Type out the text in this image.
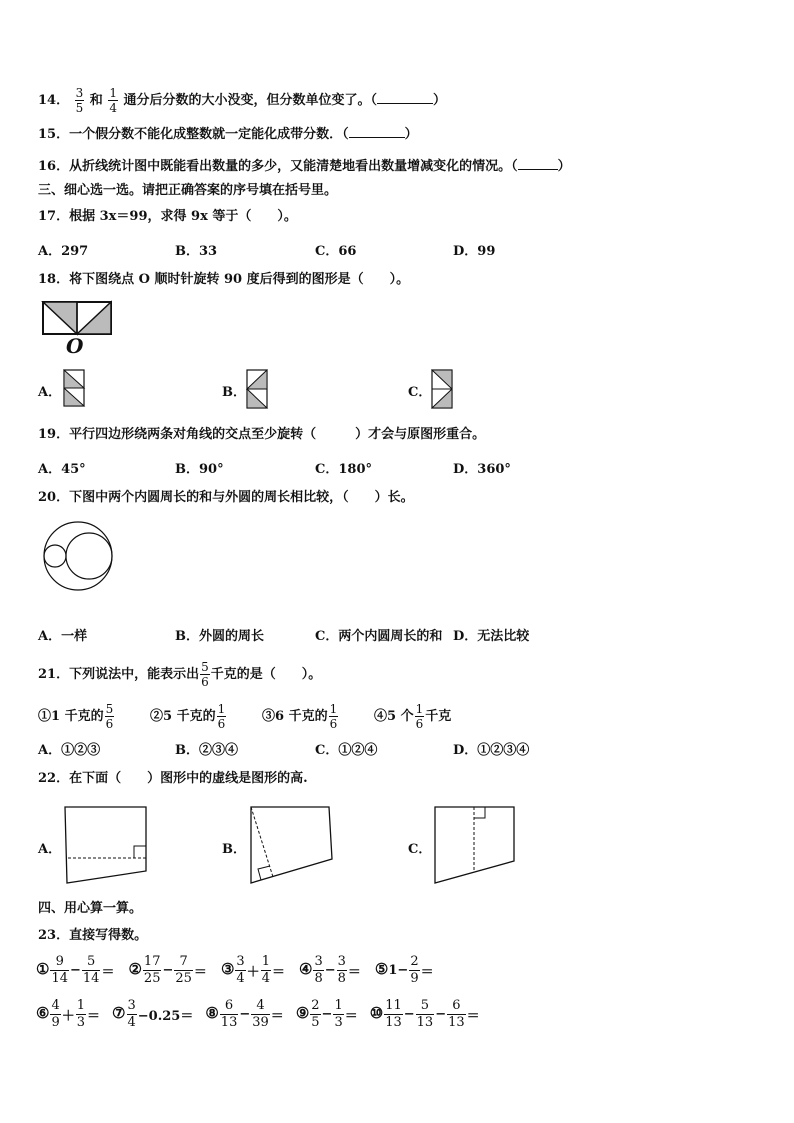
14． $\frac{3}{5}$ 和 $\frac{1}{4}$ 通分后分数的大小没变，但分数单位变了。（	）
15．一个假分数不能化成整数就一定能化成带分数．（	）
16．从折线统计图中既能看出数量的多少，又能清楚地看出数量增减变化的情况。（	）
三、细心选一选。请把正确答案的序号填在括号里。
17．根据 3x＝99，求得 9x 等于（　　）。
A．297	B．33	C．66	D．99
18．将下图绕点 O 顺时针旋转 90 度后得到的图形是（　　）。
O
A．	B．	C．
19．平行四边形绕两条对角线的交点至少旋转（　　　）才会与原图形重合。
A．45°	B．90°	C．180°	D．360°
20．下图中两个内圆周长的和与外圆的周长相比较，（　　）长。
A．一样	B．外圆的周长	C．两个内圆周长的和 D．无法比较
21．下列说法中，能表示出 $\frac{5}{6}$ 千克的是（　　）。
①1 千克的 $\frac{5}{6}$	②5 千克的 $\frac{1}{6}$	③6 千克的 $\frac{1}{6}$	④5 个 $\frac{1}{6}$ 千克
A．①②③	B．②③④	C．①②④	D．①②③④
22．在下面（　　）图形中的虚线是图形的高.
A．	B．	C．
四、用心算一算。
23．直接写得数。
① $\frac{9}{14} - \frac{5}{14}$ ＝ ② $\frac{17}{25} - \frac{7}{25}$ ＝ ③ $\frac{3}{4} + \frac{1}{4}$ ＝ ④ $\frac{3}{8} - \frac{3}{8}$ ＝ ⑤1− $\frac{2}{9}$ ＝
⑥ $\frac{4}{9} + \frac{1}{3}$ ＝ ⑦ $\frac{3}{4} -0.25=$ ⑧ $\frac{6}{13} - \frac{4}{39}$ ＝ ⑨ $\frac{2}{5} - \frac{1}{3}$ ＝ ⑩ $\frac{11}{13} - \frac{5}{13} - \frac{6}{13}$ ＝
